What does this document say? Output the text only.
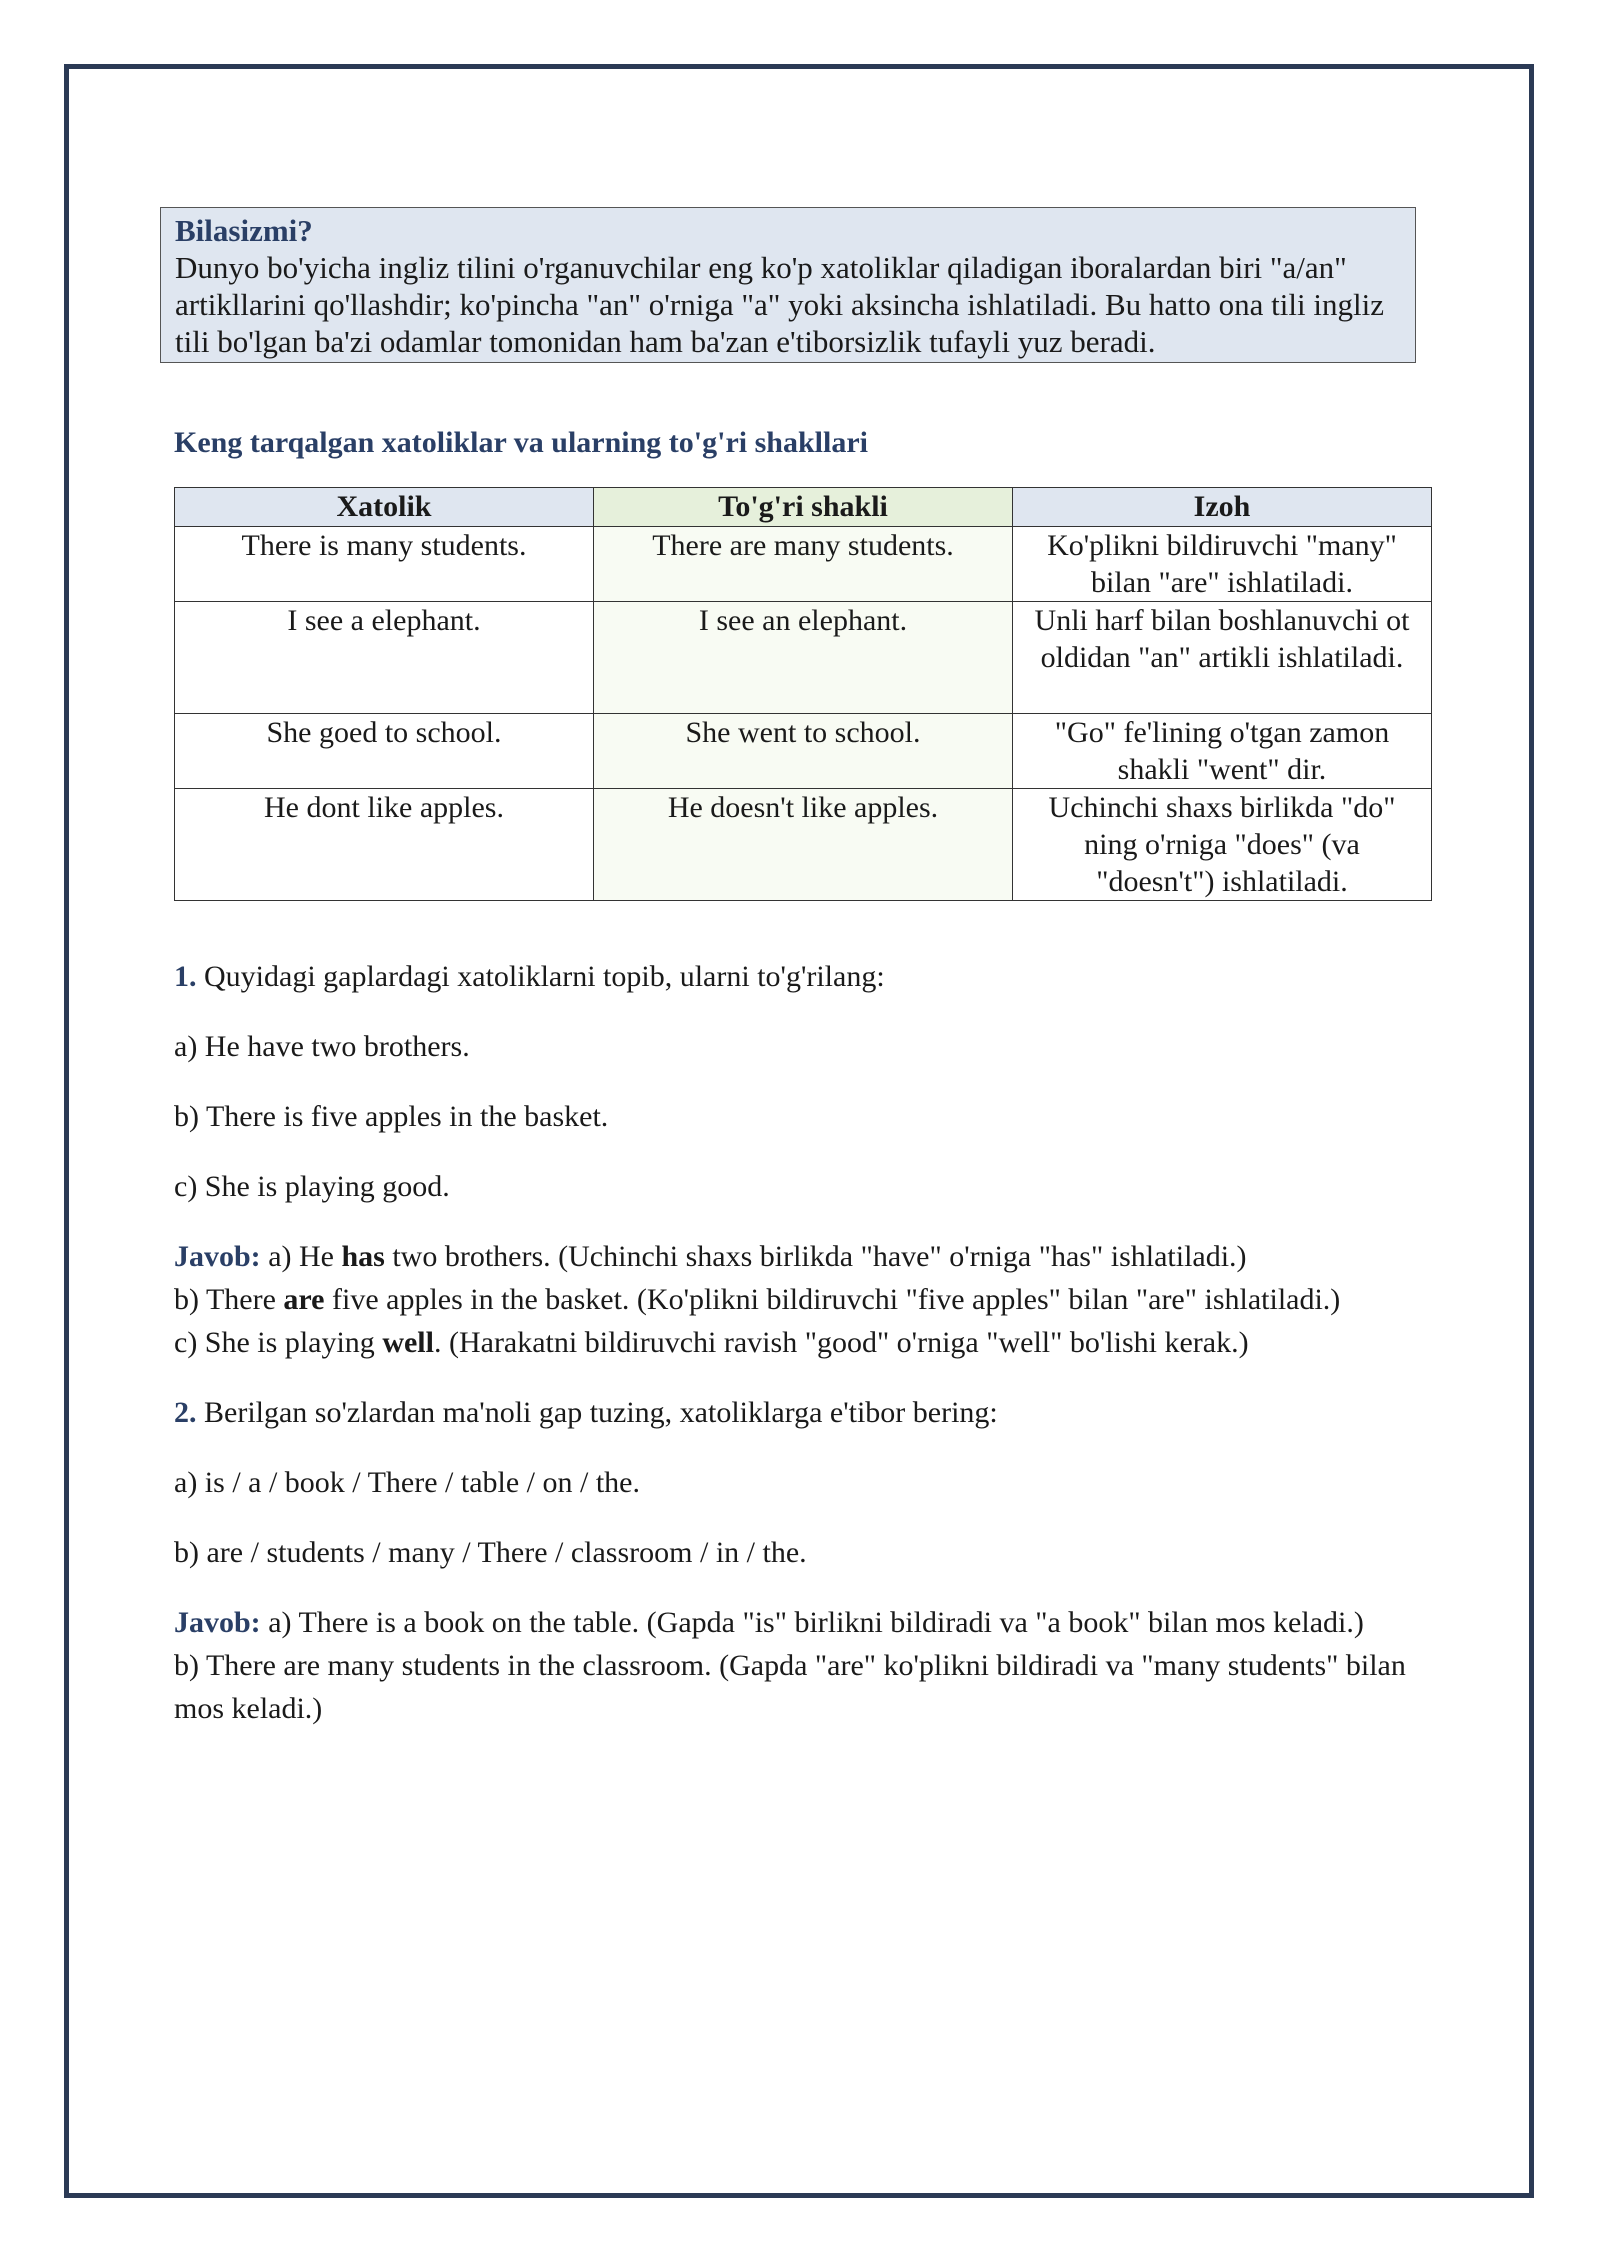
Bilasizmi?
Dunyo bo'yicha ingliz tilini o'rganuvchilar eng ko'p xatoliklar qiladigan iboralardan biri "a/an" artikllarini qo'llashdir; ko'pincha "an" o'rniga "a" yoki aksincha ishlatiladi. Bu hatto ona tili ingliz tili bo'lgan ba'zi odamlar tomonidan ham ba'zan e'tiborsizlik tufayli yuz beradi.
Keng tarqalgan xatoliklar va ularning to'g'ri shakllari
Xatolik	To'g'ri shakli	Izoh
There is many students.	There are many students.	Ko'plikni bildiruvchi "many" bilan "are" ishlatiladi.
I see a elephant.	I see an elephant.	Unli harf bilan boshlanuvchi ot oldidan "an" artikli ishlatiladi.
She goed to school.	She went to school.	"Go" fe'lining o'tgan zamon shakli "went" dir.
He dont like apples.	He doesn't like apples.	Uchinchi shaxs birlikda "do" ning o'rniga "does" (va "doesn't") ishlatiladi.

1. Quyidagi gaplardagi xatoliklarni topib, ularni to'g'rilang:

a) He have two brothers.

b) There is five apples in the basket.

c) She is playing good.

Javob: a) He has two brothers. (Uchinchi shaxs birlikda "have" o'rniga "has" ishlatiladi.)
b) There are five apples in the basket. (Ko'plikni bildiruvchi "five apples" bilan "are" ishlatiladi.)
c) She is playing well. (Harakatni bildiruvchi ravish "good" o'rniga "well" bo'lishi kerak.)

2. Berilgan so'zlardan ma'noli gap tuzing, xatoliklarga e'tibor bering:

a) is / a / book / There / table / on / the.

b) are / students / many / There / classroom / in / the.

Javob: a) There is a book on the table. (Gapda "is" birlikni bildiradi va "a book" bilan mos keladi.)
b) There are many students in the classroom. (Gapda "are" ko'plikni bildiradi va "many students" bilan mos keladi.)
